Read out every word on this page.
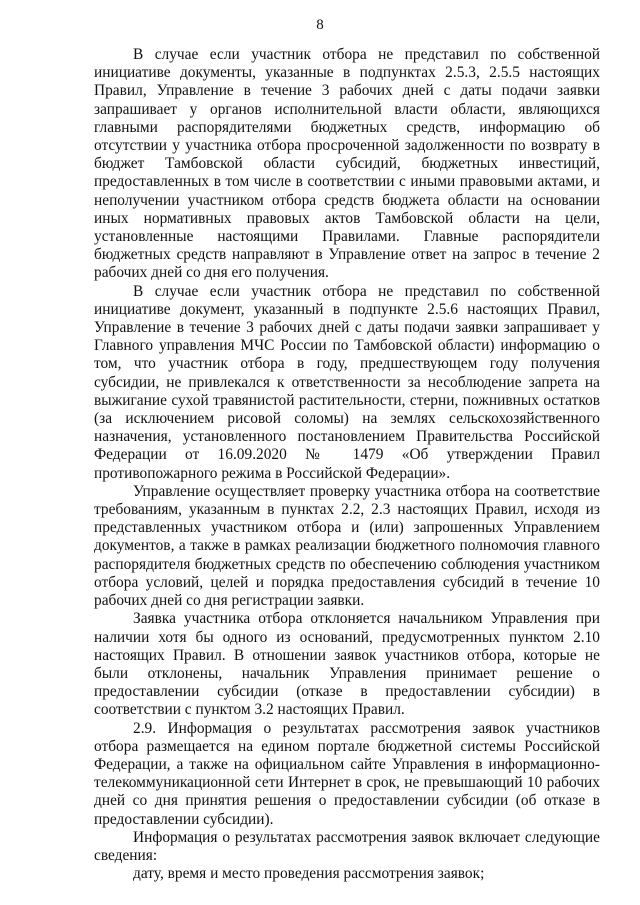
8

В случае если участник отбора не представил по собственной инициативе документы, указанные в подпунктах 2.5.3, 2.5.5 настоящих Правил, Управление в течение 3 рабочих дней с даты подачи заявки запрашивает у органов исполнительной власти области, являющихся главными распорядителями бюджетных средств, информацию об отсутствии у участника отбора просроченной задолженности по возврату в бюджет Тамбовской области субсидий, бюджетных инвестиций, предоставленных в том числе в соответствии с иными правовыми актами, и неполучении участником отбора средств бюджета области на основании иных нормативных правовых актов Тамбовской области на цели, установленные настоящими Правилами. Главные распорядители бюджетных средств направляют в Управление ответ на запрос в течение 2 рабочих дней со дня его получения.

В случае если участник отбора не представил по собственной инициативе документ, указанный в подпункте 2.5.6 настоящих Правил, Управление в течение 3 рабочих дней с даты подачи заявки запрашивает у Главного управления МЧС России по Тамбовской области) информацию о том, что участник отбора в году, предшествующем году получения субсидии, не привлекался к ответственности за несоблюдение запрета на выжигание сухой травянистой растительности, стерни, пожнивных остатков (за исключением рисовой соломы) на землях сельскохозяйственного назначения, установленного постановлением Правительства Российской Федерации от 16.09.2020 № 1479 «Об утверждении Правил противопожарного режима в Российской Федерации».

Управление осуществляет проверку участника отбора на соответствие требованиям, указанным в пунктах 2.2, 2.3 настоящих Правил, исходя из представленных участником отбора и (или) запрошенных Управлением документов, а также в рамках реализации бюджетного полномочия главного распорядителя бюджетных средств по обеспечению соблюдения участником отбора условий, целей и порядка предоставления субсидий в течение 10 рабочих дней со дня регистрации заявки.

Заявка участника отбора отклоняется начальником Управления при наличии хотя бы одного из оснований, предусмотренных пунктом 2.10 настоящих Правил. В отношении заявок участников отбора, которые не были отклонены, начальник Управления принимает решение о предоставлении субсидии (отказе в предоставлении субсидии) в соответствии с пунктом 3.2 настоящих Правил.

2.9. Информация о результатах рассмотрения заявок участников отбора размещается на едином портале бюджетной системы Российской Федерации, а также на официальном сайте Управления в информационно-телекоммуникационной сети Интернет в срок, не превышающий 10 рабочих дней со дня принятия решения о предоставлении субсидии (об отказе в предоставлении субсидии).

Информация о результатах рассмотрения заявок включает следующие сведения:

дату, время и место проведения рассмотрения заявок;
